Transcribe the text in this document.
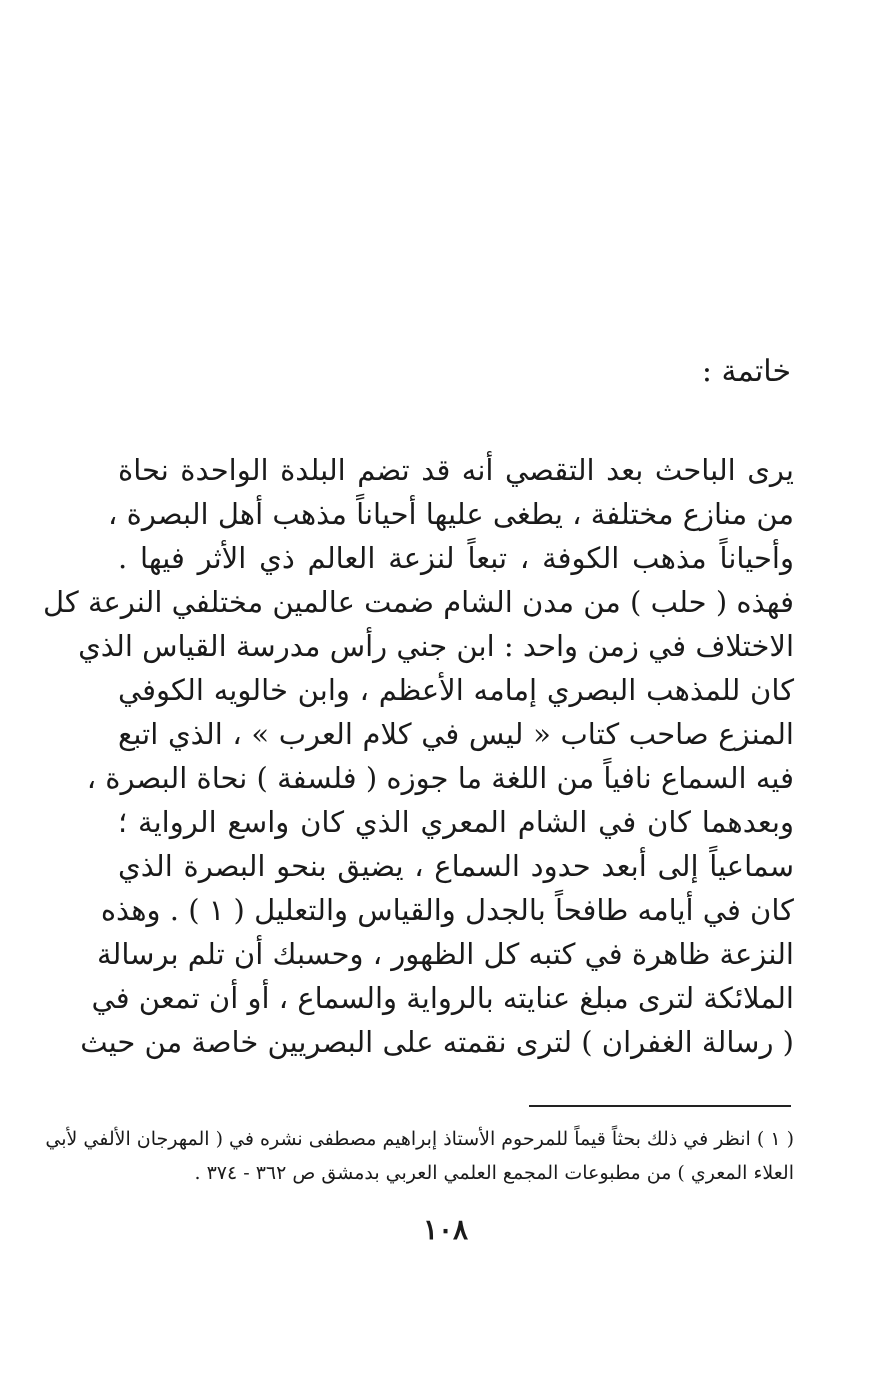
خاتمة :
يرى الباحث بعد التقصي أنه قد تضم البلدة الواحدة نحاة
من منازع مختلفة ، يطغى عليها أحياناً مذهب أهل البصرة ،
وأحياناً مذهب الكوفة ، تبعاً لنزعة العالم ذي الأثر فيها .
فهذه ( حلب ) من مدن الشام ضمت عالمين مختلفي النرعة كل
الاختلاف في زمن واحد : ابن جني رأس مدرسة القياس الذي
كان للمذهب البصري إمامه الأعظم ، وابن خالويه الكوفي
المنزع صاحب كتاب « ليس في كلام العرب » ، الذي اتبع
فيه السماع نافياً من اللغة ما جوزه ( فلسفة ) نحاة البصرة ،
وبعدهما كان في الشام المعري الذي كان واسع الرواية ؛
سماعياً إلى أبعد حدود السماع ، يضيق بنحو البصرة الذي
كان في أيامه طافحاً بالجدل والقياس والتعليل ( ١ ) . وهذه
النزعة ظاهرة في كتبه كل الظهور ، وحسبك أن تلم برسالة
الملائكة لترى مبلغ عنايته بالرواية والسماع ، أو أن تمعن في
( رسالة الغفران ) لترى نقمته على البصريين خاصة من حيث
( ١ ) انظر في ذلك بحثاً قيماً للمرحوم الأستاذ إبراهيم مصطفى نشره في ( المهرجان الألفي لأبي
العلاء المعري ) من مطبوعات المجمع العلمي العربي بدمشق ص ٣٦٢ - ٣٧٤ .
١٠٨
